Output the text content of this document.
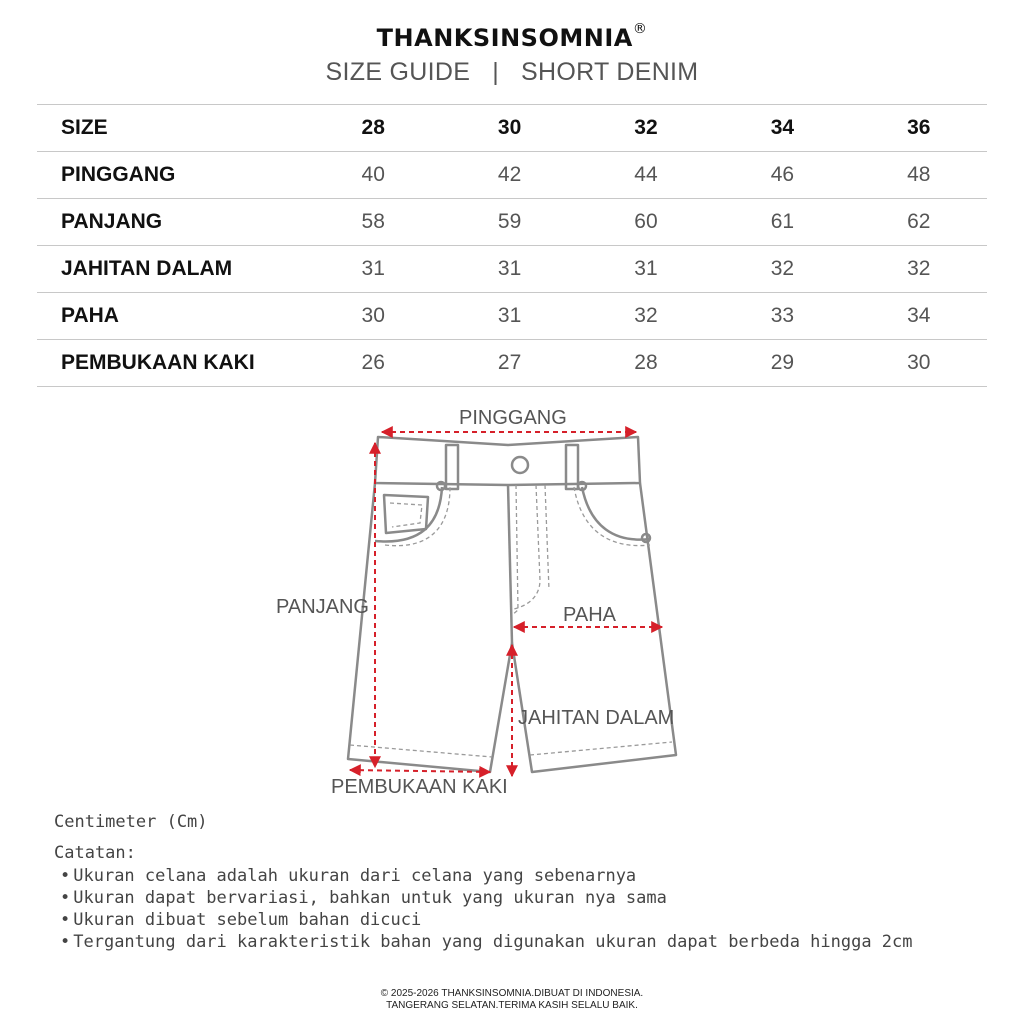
THANKSINSOMNIA®
SIZE GUIDE | SHORT DENIM
SIZE	28	30	32	34	36
PINGGANG	40	42	44	46	48
PANJANG	58	59	60	61	62
JAHITAN DALAM	31	31	31	32	32
PAHA	30	31	32	33	34
PEMBUKAAN KAKI	26	27	28	29	30
PINGGANG
PANJANG	PAHA
JAHITAN DALAM
PEMBUKAAN KAKI
Centimeter (Cm)
Catatan:
• Ukuran celana adalah ukuran dari celana yang sebenarnya
• Ukuran dapat bervariasi, bahkan untuk yang ukuran nya sama
• Ukuran dibuat sebelum bahan dicuci
• Tergantung dari karakteristik bahan yang digunakan ukuran dapat berbeda hingga 2cm
© 2025-2026 THANKSINSOMNIA.DIBUAT DI INDONESIA.
TANGERANG SELATAN.TERIMA KASIH SELALU BAIK.
